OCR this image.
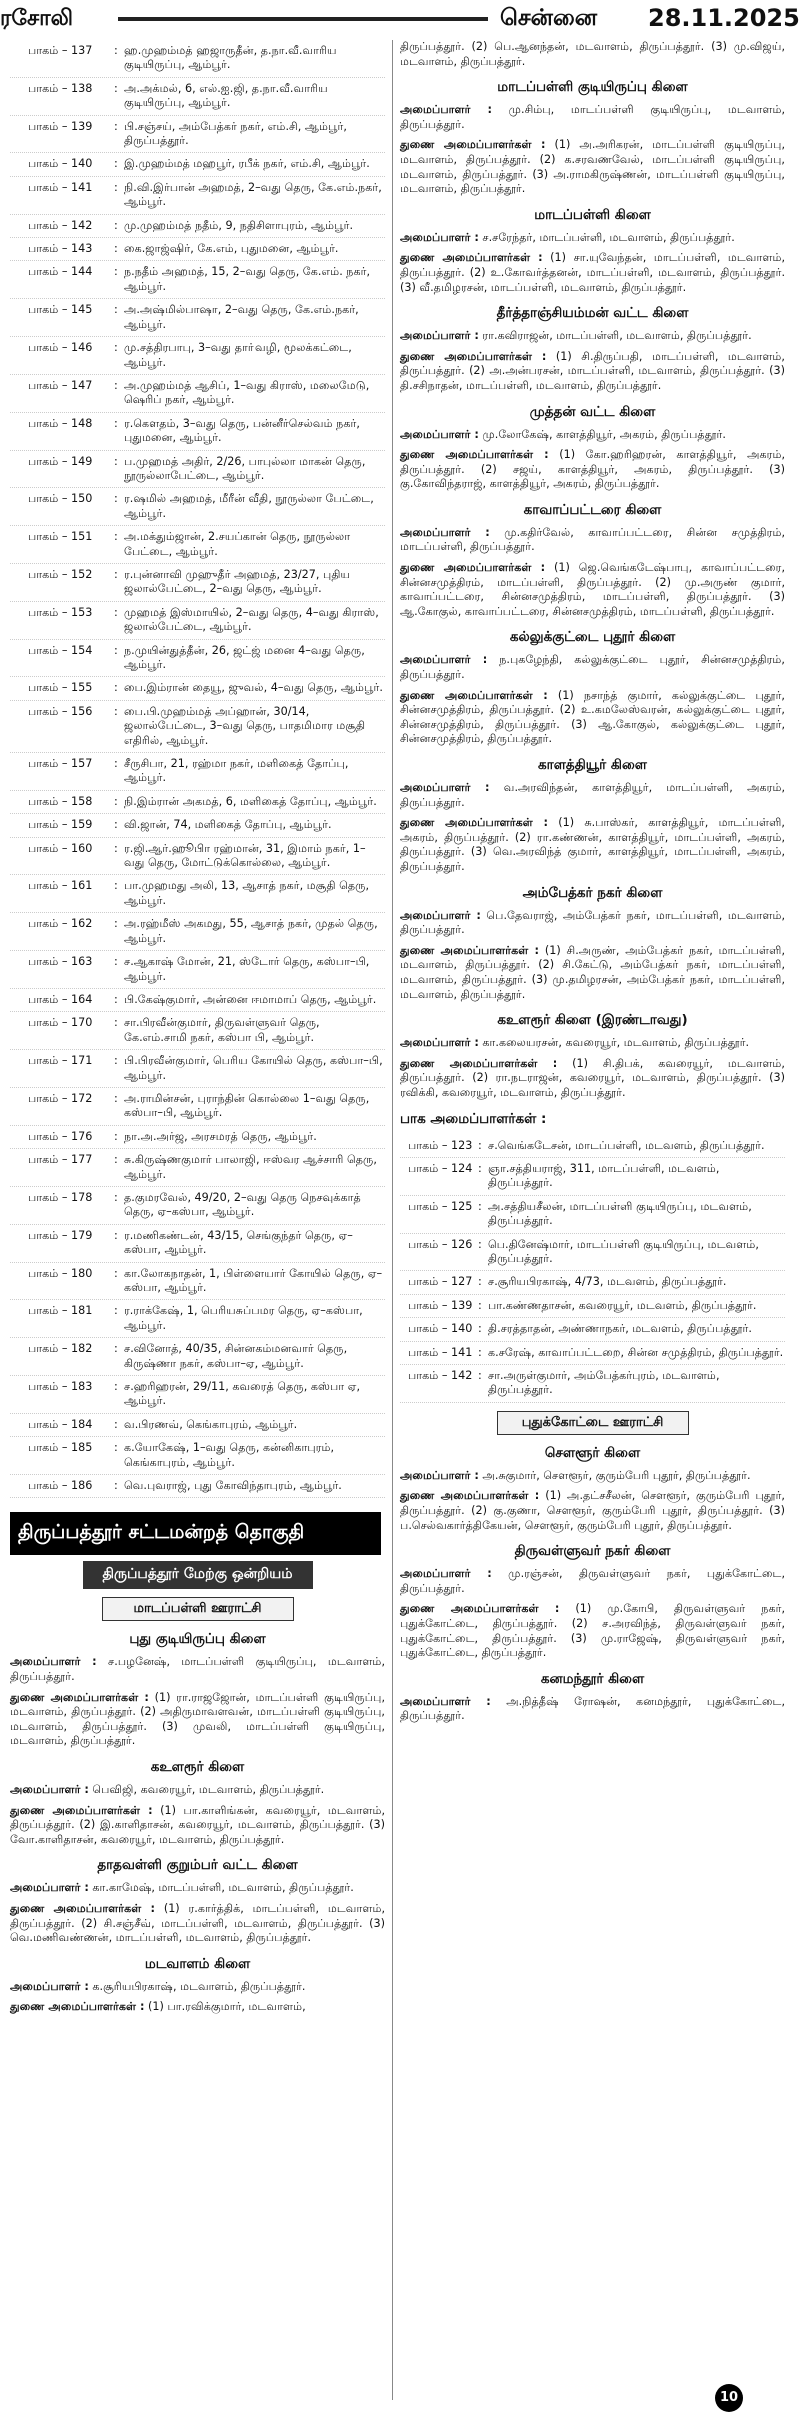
ரசோலி	சென்னை 28.11.2025
பாகம் – 137	: ஹ.முஹம்மத் ஹஜாருதீன், த.நா.வீ.வாரிய குடியிருப்பு, ஆம்பூர்.
பாகம் – 138	: அ.அக்மல், 6, எல்.ஐ.ஜி, த.நா.வீ.வாரிய குடியிருப்பு, ஆம்பூர்.
பாகம் – 139	: பி.சஞ்சய், அம்பேத்கர் நகர், எம்.சி, ஆம்பூர், திருப்பத்தூர்.
பாகம் – 140	: இ.முஹம்மத் மஹபூர், ரபீக் நகர், எம்.சி, ஆம்பூர்.
பாகம் – 141	: நி.வி.இர்பான் அஹமத், 2–வது தெரு, கே.எம்.நகர், ஆம்பூர்.
பாகம் – 142	: மு.முஹம்மத் நதீம், 9, நதிசிளாபுரம், ஆம்பூர்.
பாகம் – 143	: கை.ஜாஜ்ஷிர், கே.எம், புதுமனை, ஆம்பூர்.
பாகம் – 144	: ந.நதீம் அஹமத், 15, 2–வது தெரு, கே.எம். நகர், ஆம்பூர்.
பாகம் – 145	: அ.அஷ்மில்பாஷா, 2–வது தெரு, கே.எம்.நகர், ஆம்பூர்.
பாகம் – 146	: மு.சத்திரபாபு, 3–வது தாா்வழி, மூலக்கட்டை, ஆம்பூர்.
பாகம் – 147	: அ.முஹம்மத் ஆசிப், 1–வது கிராஸ், மலைமேடு, ஷெரிப் நகர், ஆம்பூர்.
பாகம் – 148	: ர.கௌதம், 3–வது தெரு, பன்னீர்செல்வம் நகர், புதுமனை, ஆம்பூர்.
பாகம் – 149	: ப.முஹமத் அதிர், 2/26, பாபுல்லா மாகன் தெரு, நூருல்லாபேட்டை, ஆம்பூர்.
பாகம் – 150	: ர.ஷமில் அஹமத், மீரீன் வீதி, நூருல்லா பேட்டை, ஆம்பூர்.
பாகம் – 151	: அ.மக்தும்ஜான், 2.சயப்கான் தெரு, நூருல்லா பேட்டை, ஆம்பூர்.
பாகம் – 152	: ர.புன்னாவி முஹுதீர் அஹமத், 23/27, புதிய ஜலால்பேட்டை, 2–வது தெரு, ஆம்பூர்.
பாகம் – 153	: முஹமத் இஸ்மாயில், 2–வது தெரு, 4–வது கிராஸ், ஜலால்பேட்டை, ஆம்பூர்.
பாகம் – 154	: ந.முயின்துத்தீன், 26, ஜட்ஜ் மனை 4–வது தெரு, ஆம்பூர்.
பாகம் – 155	: பை.இம்ரான் தையூ, ஜுவல், 4–வது தெரு, ஆம்பூர்.
பாகம் – 156	: பை.பி.முஹம்மத் அப்ஹான், 30/14, ஜலால்பேட்டை, 3–வது தெரு, பாதமிமார மசூதி எதிரில், ஆம்பூர்.
பாகம் – 157	: சீருசிபா, 21, ரஹ்மா நகர், மளிகைத் தோப்பு, ஆம்பூர்.
பாகம் – 158	: நி.இம்ரான் அகமத், 6, மளிகைத் தோப்பு, ஆம்பூர்.
பாகம் – 159	: வி.ஜான், 74, மளிகைத் தோப்பு, ஆம்பூர்.
பாகம் – 160	: ர.ஜி.ஆர்.ஹூபிா ரஹ்மான், 31, இமாம் நகர், 1–வது தெரு, மோட்டுக்கொல்லை, ஆம்பூர்.
பாகம் – 161	: பா.முஹமது அலி, 13, ஆசாத் நகர், மசூதி தெரு, ஆம்பூர்.
பாகம் – 162	: அ.ரஹ்மீஸ் அகமது, 55, ஆசாத் நகர், முதல் தெரு, ஆம்பூர்.
பாகம் – 163	: ச.ஆகாஷ் மோன், 21, ஸ்டோர் தெரு, கஸ்பா–பி, ஆம்பூர்.
பாகம் – 164	: பி.கேஷ்குமார், அன்னை ஈமாமாப் தெரு, ஆம்பூர்.
பாகம் – 170	: சா.பிரவீன்குமார், திருவள்ளுவர் தெரு, கே.எம்.சாமி நகர், கஸ்பா பி, ஆம்பூர்.
பாகம் – 171	: பி.பிரவீன்குமார், பெரிய கோயில் தெரு, கஸ்பா–பி, ஆம்பூர்.
பாகம் – 172	: அ.ராமின்சன், புராந்தின் கொல்லை 1–வது தெரு, கஸ்பா–பி, ஆம்பூர்.
பாகம் – 176	: நா.அ.அர்ஜ, அரசமரத் தெரு, ஆம்பூர்.
பாகம் – 177	: சு.கிருஷ்ணகுமார் பாலாஜி, ஈஸ்வர ஆச்சாரி தெரு, ஆம்பூர்.
பாகம் – 178	: த.குமரவேல், 49/20, 2–வது தெரு நெசவுக்காத் தெரு, ஏ–கஸ்பா, ஆம்பூர்.
பாகம் – 179	: ர.மணிகண்டன், 43/15, செங்குந்தர் தெரு, ஏ–கஸ்பா, ஆம்பூர்.
பாகம் – 180	: கா.லோகநாதன், 1, பிள்ளையார் கோயில் தெரு, ஏ–கஸ்பா, ஆம்பூர்.
பாகம் – 181	: ர.ராக்கேஷ், 1, பெரியசுப்பமர தெரு, ஏ–கஸ்பா, ஆம்பூர்.
பாகம் – 182	: ச.வினோத், 40/35, சின்னகம்மனவார் தெரு, கிருஷ்ணா நகர், கஸ்பா–ஏ, ஆம்பூர்.
பாகம் – 183	: ச.ஹரிஹரன், 29/11, கவரைத் தெரு, கஸ்பா ஏ, ஆம்பூர்.
பாகம் – 184	: வ.பிரணவ், கெங்காபுரம், ஆம்பூர்.
பாகம் – 185	: க.யோகேஷ், 1–வது தெரு, கன்னிகாபுரம், கெங்காபுரம், ஆம்பூர்.
பாகம் – 186	: வெ.புவராஜ், புது கோவிந்தாபுரம், ஆம்பூர்.
திருப்பத்தூர் சட்டமன்றத் தொகுதி
திருப்பத்தூர் மேற்கு ஒன்றியம்
மாடப்பள்ளி ஊராட்சி
புது குடியிருப்பு கிளை

அமைப்பாளர் : ச.பழனேஷ், மாடப்பள்ளி குடியிருப்பு, மடவாளம், திருப்பத்தூர்.

துணை அமைப்பாளர்கள் : (1) ரா.ராஜஜோன், மாடப்பள்ளி குடியிருப்பு, மடவாளம், திருப்பத்தூர். (2) அதிருமாவளவன், மாடப்பள்ளி குடியிருப்பு, மடவாளம், திருப்பத்தூர். (3) முவலி, மாடப்பள்ளி குடியிருப்பு, மடவாளம், திருப்பத்தூர்.

கஉளரூர் கிளை

அமைப்பாளர் : பெவிஜி, கவரையூர், மடவாளம், திருப்பத்தூர்.

துணை அமைப்பாளர்கள் : (1) பா.காளிங்கன், கவரையூர், மடவாளம், திருப்பத்தூர். (2) இ.காளிதாசன், கவரையூர், மடவாளம், திருப்பத்தூர். (3) வோ.காளிதாசன், கவரையூர், மடவாளம், திருப்பத்தூர்.

தாதவள்ளி குறும்பர் வட்ட கிளை

அமைப்பாளர் : கா.காமேஷ், மாடப்பள்ளி, மடவாளம், திருப்பத்தூர்.

துணை அமைப்பாளர்கள் : (1) ர.கார்த்திக், மாடப்பள்ளி, மடவாளம், திருப்பத்தூர். (2) சி.சஞ்சீவ், மாடப்பள்ளி, மடவாளம், திருப்பத்தூர். (3) வெ.மணிவண்ணன், மாடப்பள்ளி, மடவாளம், திருப்பத்தூர்.

மடவாளம் கிளை

அமைப்பாளர் : க.சூரியபிரகாஷ், மடவாளம், திருப்பத்தூர்.

துணை அமைப்பாளர்கள் : (1) பா.ரவிக்குமார், மடவாளம்,

திருப்பத்தூர். (2) பெ.ஆனந்தன், மடவாளம், திருப்பத்தூர். (3) மு.விஜய், மடவாளம், திருப்பத்தூர்.

மாடப்பள்ளி குடியிருப்பு கிளை

அமைப்பாளர் : மு.சிம்பு, மாடப்பள்ளி குடியிருப்பு, மடவாளம், திருப்பத்தூர்.

துணை அமைப்பாளர்கள் : (1) அ.அரிகரன், மாடப்பள்ளி குடியிருப்பு, மடவாளம், திருப்பத்தூர். (2) க.சரவணவேல், மாடப்பள்ளி குடியிருப்பு, மடவாளம், திருப்பத்தூர். (3) அ.ராமகிருஷ்ணன், மாடப்பள்ளி குடியிருப்பு, மடவாளம், திருப்பத்தூர்.

மாடப்பள்ளி கிளை

அமைப்பாளர் : ச.சரேந்தர், மாடப்பள்ளி, மடவாளம், திருப்பத்தூர்.

துணை அமைப்பாளர்கள் : (1) சா.யுவேந்தன், மாடப்பள்ளி, மடவாளம், திருப்பத்தூர். (2) உ.கோவர்த்தனன், மாடப்பள்ளி, மடவாளம், திருப்பத்தூர். (3) வீ.தமிழரசன், மாடப்பள்ளி, மடவாளம், திருப்பத்தூர்.

தீர்த்தாஞ்சியம்மன் வட்ட கிளை

அமைப்பாளர் : ரா.கவிராஜன், மாடப்பள்ளி, மடவாளம், திருப்பத்தூர்.

துணை அமைப்பாளர்கள் : (1) சி.திருப்பதி, மாடப்பள்ளி, மடவாளம், திருப்பத்தூர். (2) அ.அன்பரசன், மாடப்பள்ளி, மடவாளம், திருப்பத்தூர். (3) தி.சசிநாதன், மாடப்பள்ளி, மடவாளம், திருப்பத்தூர்.

முத்தன் வட்ட கிளை

அமைப்பாளர் : மு.லோகேஷ், காளத்தியூர், அகரம், திருப்பத்தூர்.

துணை அமைப்பாளர்கள் : (1) கோ.ஹரிஹரன், காளத்தியூர், அகரம், திருப்பத்தூர். (2) சஜய், காளத்தியூர், அகரம், திருப்பத்தூர். (3) கு.கோவிந்தராஜ், காளத்தியூர், அகரம், திருப்பத்தூர்.

காவாப்பட்டரை கிளை

அமைப்பாளர் : மு.கதிர்வேல், காவாப்பட்டரை, சின்ன சமுத்திரம், மாடப்பள்ளி, திருப்பத்தூர்.

துணை அமைப்பாளர்கள் : (1) ஜெ.வெங்கடேஷ்பாபு, காவாப்பட்டரை, சின்னசமுத்திரம், மாடப்பள்ளி, திருப்பத்தூர். (2) மு.அருண் குமார், காவாப்பட்டரை, சின்னசமுத்திரம், மாடப்பள்ளி, திருப்பத்தூர். (3) ஆ.கோகுல், காவாப்பட்டரை, சின்னசமுத்திரம், மாடப்பள்ளி, திருப்பத்தூர்.

கல்லுக்குட்டை புதூர் கிளை

அமைப்பாளர் : ந.புகழேந்தி, கல்லுக்குட்டை புதூர், சின்னசமுத்திரம், திருப்பத்தூர்.

துணை அமைப்பாளர்கள் : (1) நசாந்த் குமார், கல்லுக்குட்டை புதூர், சின்னசமுத்திரம், திருப்பத்தூர். (2) உ.கமலேஸ்வரன், கல்லுக்குட்டை புதூர், சின்னசமுத்திரம், திருப்பத்தூர். (3) ஆ.கோகுல், கல்லுக்குட்டை புதூர், சின்னசமுத்திரம், திருப்பத்தூர்.

காளத்தியூர் கிளை

அமைப்பாளர் : வ.அரவிந்தன், காளத்தியூர், மாடப்பள்ளி, அகரம், திருப்பத்தூர்.

துணை அமைப்பாளர்கள் : (1) சு.பாஸ்கர், காளத்தியூர், மாடப்பள்ளி, அகரம், திருப்பத்தூர். (2) ரா.கண்ணன், காளத்தியூர், மாடப்பள்ளி, அகரம், திருப்பத்தூர். (3) வெ.அரவிந்த் குமார், காளத்தியூர், மாடப்பள்ளி, அகரம், திருப்பத்தூர்.

அம்பேத்கர் நகர் கிளை

அமைப்பாளர் : பெ.தேவராஜ், அம்பேத்கர் நகர், மாடப்பள்ளி, மடவாளம், திருப்பத்தூர்.

துணை அமைப்பாளர்கள் : (1) சி.அருண், அம்பேத்கர் நகர், மாடப்பள்ளி, மடவாளம், திருப்பத்தூர். (2) சி.கேட்டு, அம்பேத்கர் நகர், மாடப்பள்ளி, மடவாளம், திருப்பத்தூர். (3) மு.தமிழரசன், அம்பேத்கர் நகர், மாடப்பள்ளி, மடவாளம், திருப்பத்தூர்.

கஉளரூர் கிளை (இரண்டாவது)

அமைப்பாளர் : கா.கலையரசன், கவரையூர், மடவாளம், திருப்பத்தூர்.

துணை அமைப்பாளர்கள் : (1) சி.திபக், கவரையூர், மடவாளம், திருப்பத்தூர். (2) ரா.நடராஜன், கவரையூர், மடவாளம், திருப்பத்தூர். (3) ரவிக்கி, கவரையூர், மடவாளம், திருப்பத்தூர்.

பாக அமைப்பாளர்கள் :
பாகம் – 123 : ச.வெங்கடேசன், மாடப்பள்ளி, மடவளம், திருப்பத்தூர்.
பாகம் – 124 : ஞா.சத்தியராஜ், 311, மாடப்பள்ளி, மடவளம், திருப்பத்தூர்.
பாகம் – 125 : அ.சத்தியசீலன், மாடப்பள்ளி குடியிருப்பு, மடவளம், திருப்பத்தூர்.
பாகம் – 126 : பெ.தினேஷ்மார், மாடப்பள்ளி குடியிருப்பு, மடவளம், திருப்பத்தூர்.
பாகம் – 127 : ச.சூரியபிரகாஷ், 4/73, மடவளம், திருப்பத்தூர்.
பாகம் – 139 : பா.கண்ணதாசன், கவரையூர், மடவளம், திருப்பத்தூர்.
பாகம் – 140 : தி.சரத்தாதன், அண்ணாநகர், மடவளம், திருப்பத்தூர்.
பாகம் – 141 : க.சரேஷ், காவாப்பட்டறை, சின்ன சமுத்திரம், திருப்பத்தூர்.
பாகம் – 142 : சா.அருள்குமார், அம்பேத்கர்புரம், மடவாளம், திருப்பத்தூர்.
புதுக்கோட்டை ஊராட்சி
சௌளூர் கிளை

அமைப்பாளர் : அ.சுகுமார், சௌளூர், குரும்பேரி புதூர், திருப்பத்தூர்.

துணை அமைப்பாளர்கள் : (1) அ.தட்சசீலன், சௌளூர், குரும்பேரி புதூர், திருப்பத்தூர். (2) கு.குணா, சௌளூர், குரும்பேரி புதூர், திருப்பத்தூர். (3) ப.செல்வகார்த்திகேயன், சௌளூர், குரும்பேரி புதூர், திருப்பத்தூர்.

திருவள்ளுவர் நகர் கிளை

அமைப்பாளர் : மு.ரஞ்சன், திருவள்ளுவர் நகர், புதுக்கோட்டை, திருப்பத்தூர்.

துணை அமைப்பாளர்கள் : (1) மு.கோபி, திருவள்ளுவர் நகர், புதுக்கோட்டை, திருப்பத்தூர். (2) ச.அரவிந்த், திருவள்ளுவர் நகர், புதுக்கோட்டை, திருப்பத்தூர். (3) மு.ராஜேஷ், திருவள்ளுவர் நகர், புதுக்கோட்டை, திருப்பத்தூர்.

கனமந்தூர் கிளை

அமைப்பாளர் : அ.நித்தீஷ் ரோஷன், கனமந்தூர், புதுக்கோட்டை, திருப்பத்தூர்.

10
